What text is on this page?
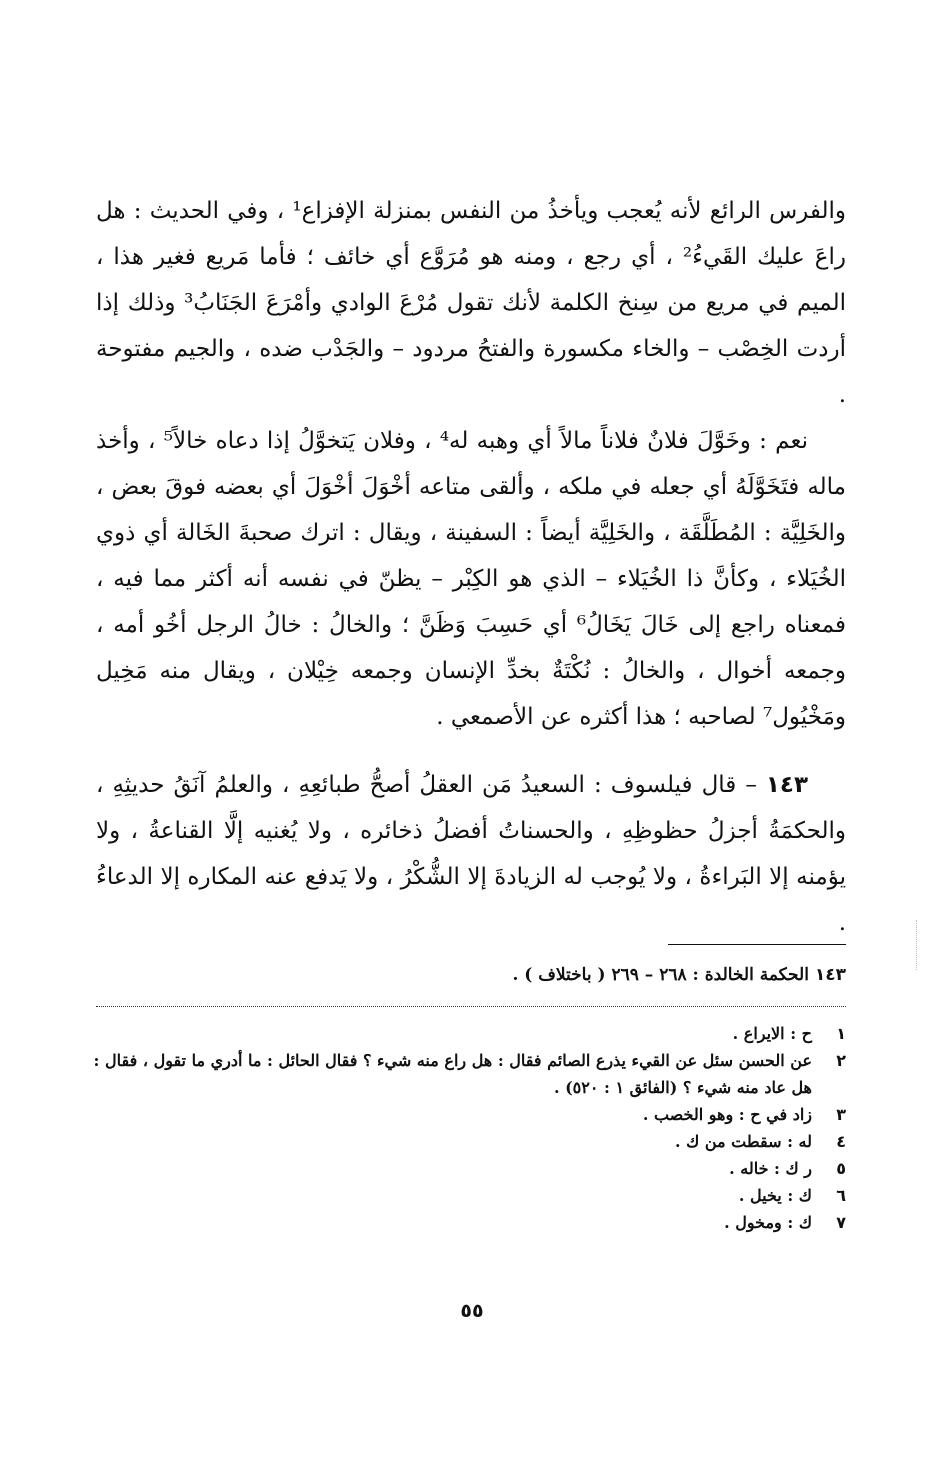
والفرس الرائع لأنه يُعجب ويأخذُ من النفس بمنزلة الإفزاع¹ ، وفي الحديث : هل راعَ عليك القَيءُ² ، أي رجع ، ومنه هو مُرَوَّع أي خائف ؛ فأما مَريع فغير هذا ، الميم في مريع من سِنخ الكلمة لأنك تقول مُرْعَ الوادي وأمْرَعَ الجَنَابُ³ وذلك إذا أردت الخِصْب – والخاء مكسورة والفتحُ مردود – والجَدْب ضده ، والجيم مفتوحة .

نعم : وخَوَّلَ فلانٌ فلاناً مالاً أي وهبه له⁴ ، وفلان يَتخوَّلُ إذا دعاه خالاً⁵ ، وأخذ ماله فتَخَوَّلَهُ أي جعله في ملكه ، وألقى متاعه أخْوَلَ أخْوَلَ أي بعضه فوقَ بعض ، والخَلِيَّة : المُطَلَّقَة ، والخَلِيَّة أيضاً : السفينة ، ويقال : اترك صحبةَ الخَالة أي ذوي الخُيَلاء ، وكأنَّ ذا الخُيَلاء – الذي هو الكِبْر – يظنّ في نفسه أنه أكثر مما فيه ، فمعناه راجع إلى خَالَ يَخَالُ⁶ أي حَسِبَ وَظَنَّ ؛ والخالُ : خالُ الرجل أخُو أمه ، وجمعه أخوال ، والخالُ : نُكْتَةٌ بخدِّ الإنسان وجمعه خِيْلان ، ويقال منه مَخِيل ومَخْيُول⁷ لصاحبه ؛ هذا أكثره عن الأصمعي .

١٤٣ – قال فيلسوف : السعيدُ مَن العقلُ أصحُّ طبائعِهِ ، والعلمُ آنَقُ حديثِهِ ، والحكمَةُ أجزلُ حظوظِهِ ، والحسناتُ أفضلُ ذخائره ، ولا يُغنيه إلَّا القناعةُ ، ولا يؤمنه إلا البَراءةُ ، ولا يُوجب له الزيادةَ إلا الشُّكْرُ ، ولا يَدفع عنه المكاره إلا الدعاءُ .

١٤٣ الحكمة الخالدة : ٢٦٨ – ٢٦٩ ( باختلاف ) .
١
ح : الايراع .
٢
عن الحسن سئل عن القيء يذرع الصائم فقال : هل راع منه شيء ؟ فقال الحائل : ما أدري ما تقول ، فقال : هل عاد منه شيء ؟ (الفائق ١ : ٥٢٠) .
٣
زاد في ح : وهو الخصب .
٤
له : سقطت من ك .
٥
ر ك : خاله .
٦
ك : يخيل .
٧
ك : ومخول .
٥٥
